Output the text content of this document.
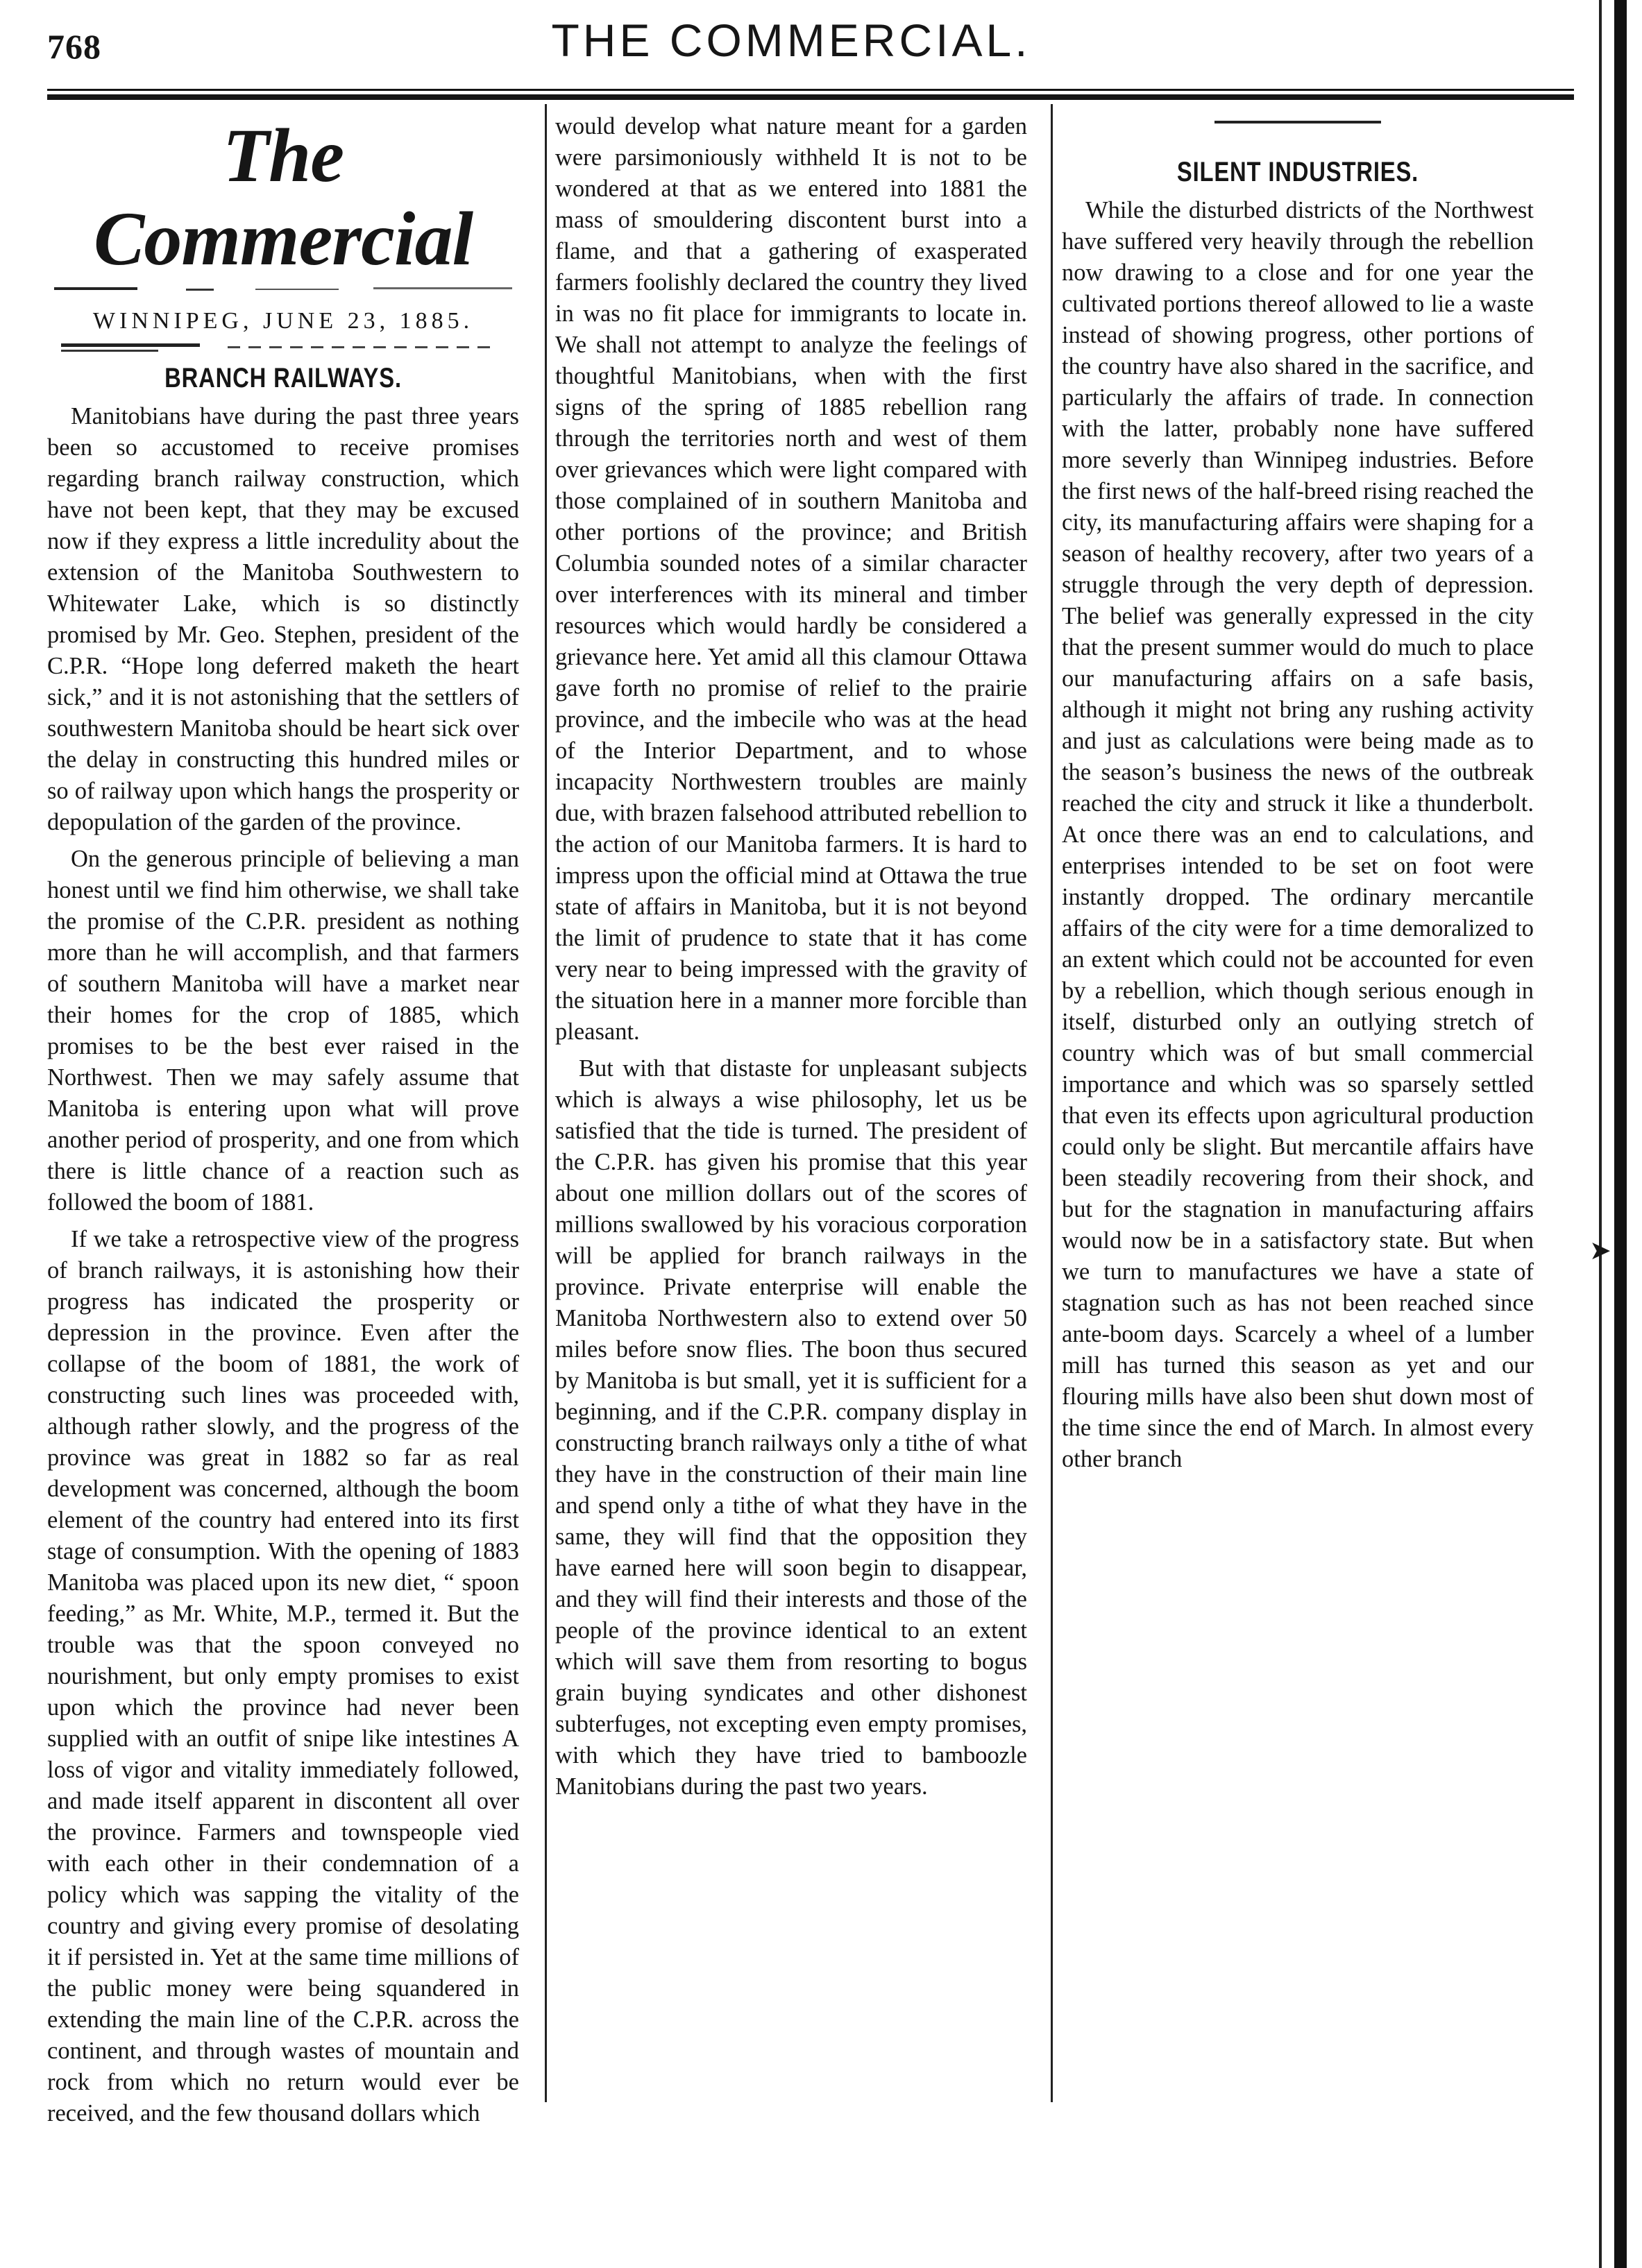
768	THE COMMERCIAL.
➤
The Commercial
WINNIPEG, JUNE 23, 1885.
BRANCH RAILWAYS.

Manitobians have during the past three years been so accustomed to receive promises regarding branch railway construction, which have not been kept, that they may be excused now if they express a little incredulity about the extension of the Manitoba Southwestern to Whitewater Lake, which is so distinctly promised by Mr. Geo. Stephen, president of the C.P.R. “Hope long deferred maketh the heart sick,” and it is not astonishing that the settlers of southwestern Manitoba should be heart sick over the delay in constructing this hundred miles or so of railway upon which hangs the prosperity or depopulation of the garden of the province.

On the generous principle of believing a man honest until we find him otherwise, we shall take the promise of the C.P.R. president as nothing more than he will accomplish, and that farmers of southern Manitoba will have a market near their homes for the crop of 1885, which promises to be the best ever raised in the Northwest. Then we may safely assume that Manitoba is entering upon what will prove another period of prosperity, and one from which there is little chance of a reaction such as followed the boom of 1881.

If we take a retrospective view of the progress of branch railways, it is astonishing how their progress has indicated the prosperity or depression in the province. Even after the collapse of the boom of 1881, the work of constructing such lines was proceeded with, although rather slowly, and the progress of the province was great in 1882 so far as real development was concerned, although the boom element of the country had entered into its first stage of consumption. With the opening of 1883 Manitoba was placed upon its new diet, “ spoon feeding,” as Mr. White, M.P., termed it. But the trouble was that the spoon conveyed no nourishment, but only empty promises to exist upon which the province had never been supplied with an outfit of snipe like intestines A loss of vigor and vitality immediately followed, and made itself apparent in discontent all over the province. Farmers and townspeople vied with each other in their condemnation of a policy which was sapping the vitality of the country and giving every promise of desolating it if persisted in. Yet at the same time millions of the public money were being squandered in extending the main line of the C.P.R. across the continent, and through wastes of mountain and rock from which no return would ever be received, and the few thousand dollars which

would develop what nature meant for a garden were parsimoniously withheld It is not to be wondered at that as we entered into 1881 the mass of smouldering discontent burst into a flame, and that a gathering of exasperated farmers foolishly declared the country they lived in was no fit place for immigrants to locate in. We shall not attempt to analyze the feelings of thoughtful Manitobians, when with the first signs of the spring of 1885 rebellion rang through the territories north and west of them over grievances which were light compared with those complained of in southern Manitoba and other portions of the province; and British Columbia sounded notes of a similar character over interferences with its mineral and timber resources which would hardly be considered a grievance here. Yet amid all this clamour Ottawa gave forth no promise of relief to the prairie province, and the imbecile who was at the head of the Interior Department, and to whose incapacity Northwestern troubles are mainly due, with brazen falsehood attributed rebellion to the action of our Manitoba farmers. It is hard to impress upon the official mind at Ottawa the true state of affairs in Manitoba, but it is not beyond the limit of prudence to state that it has come very near to being impressed with the gravity of the situation here in a manner more forcible than pleasant.

But with that distaste for unpleasant subjects which is always a wise philosophy, let us be satisfied that the tide is turned. The president of the C.P.R. has given his promise that this year about one million dollars out of the scores of millions swallowed by his voracious corporation will be applied for branch railways in the province. Private enterprise will enable the Manitoba Northwestern also to extend over 50 miles before snow flies. The boon thus secured by Manitoba is but small, yet it is sufficient for a beginning, and if the C.P.R. company display in constructing branch railways only a tithe of what they have in the construction of their main line and spend only a tithe of what they have in the same, they will find that the opposition they have earned here will soon begin to disappear, and they will find their interests and those of the people of the province identical to an extent which will save them from resorting to bogus grain buying syndicates and other dishonest subterfuges, not excepting even empty promises, with which they have tried to bamboozle Manitobians during the past two years.

SILENT INDUSTRIES.

While the disturbed districts of the Northwest have suffered very heavily through the rebellion now drawing to a close and for one year the cultivated portions thereof allowed to lie a waste instead of showing progress, other portions of the country have also shared in the sacrifice, and particularly the affairs of trade. In connection with the latter, probably none have suffered more severly than Winnipeg industries. Before the first news of the half-breed rising reached the city, its manufacturing affairs were shaping for a season of healthy recovery, after two years of a struggle through the very depth of depression. The belief was generally expressed in the city that the present summer would do much to place our manufacturing affairs on a safe basis, although it might not bring any rushing activity and just as calculations were being made as to the season’s business the news of the outbreak reached the city and struck it like a thunderbolt. At once there was an end to calculations, and enterprises intended to be set on foot were instantly dropped. The ordinary mercantile affairs of the city were for a time demoralized to an extent which could not be accounted for even by a rebellion, which though serious enough in itself, disturbed only an outlying stretch of country which was of but small commercial importance and which was so sparsely settled that even its effects upon agricultural production could only be slight. But mercantile affairs have been steadily recovering from their shock, and but for the stagnation in manufacturing affairs would now be in a satisfactory state. But when we turn to manufactures we have a state of stagnation such as has not been reached since ante-boom days. Scarcely a wheel of a lumber mill has turned this season as yet and our flouring mills have also been shut down most of the time since the end of March. In almost every other branch
